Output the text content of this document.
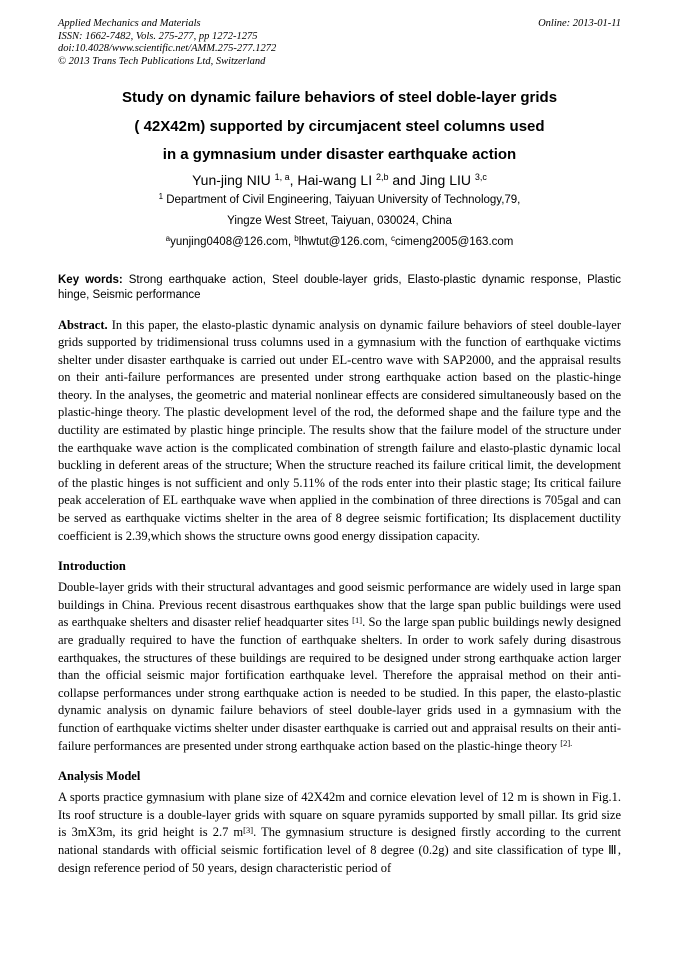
Applied Mechanics and Materials	Online: 2013-01-11
ISSN: 1662-7482, Vols. 275-277, pp 1272-1275
doi:10.4028/www.scientific.net/AMM.275-277.1272
© 2013 Trans Tech Publications Ltd, Switzerland
Study on dynamic failure behaviors of steel doble-layer grids
( 42X42m) supported by circumjacent steel columns used
in a gymnasium under disaster earthquake action
Yun-jing NIU $^{1, a}$, Hai-wang LI $^{2,b}$ and Jing LIU $^{3,c}$
$^1$ Department of Civil Engineering, Taiyuan University of Technology,79,
Yingze West Street, Taiyuan, 030024, China
$^a$yunjing0408@126.com, $^b$lhwtut@126.com, $^c$cimeng2005@163.com

Key words: Strong earthquake action, Steel double-layer grids, Elasto-plastic dynamic response, Plastic hinge, Seismic performance

Abstract. In this paper, the elasto-plastic dynamic analysis on dynamic failure behaviors of steel double-layer grids supported by tridimensional truss columns used in a gymnasium with the function of earthquake victims shelter under disaster earthquake is carried out under EL-centro wave with SAP2000, and the appraisal results on their anti-failure performances are presented under strong earthquake action based on the plastic-hinge theory. In the analyses, the geometric and material nonlinear effects are considered simultaneously based on the plastic-hinge theory. The plastic development level of the rod, the deformed shape and the failure type and the ductility are estimated by plastic hinge principle. The results show that the failure model of the structure under the earthquake wave action is the complicated combination of strength failure and elasto-plastic dynamic local buckling in deferent areas of the structure; When the structure reached its failure critical limit, the development of the plastic hinges is not sufficient and only 5.11% of the rods enter into their plastic stage; Its critical failure peak acceleration of EL earthquake wave when applied in the combination of three directions is 705gal and can be served as earthquake victims shelter in the area of 8 degree seismic fortification; Its displacement ductility coefficient is 2.39,which shows the structure owns good energy dissipation capacity.

Introduction

Double-layer grids with their structural advantages and good seismic performance are widely used in large span buildings in China. Previous recent disastrous earthquakes show that the large span public buildings were used as earthquake shelters and disaster relief headquarter sites [1]. So the large span public buildings newly designed are gradually required to have the function of earthquake shelters. In order to work safely during disastrous earthquakes, the structures of these buildings are required to be designed under strong earthquake action larger than the official seismic major fortification earthquake level. Therefore the appraisal method on their anti-collapse performances under strong earthquake action is needed to be studied. In this paper, the elasto-plastic dynamic analysis on dynamic failure behaviors of steel double-layer grids used in a gymnasium with the function of earthquake victims shelter under disaster earthquake is carried out and appraisal results on their anti-failure performances are presented under strong earthquake action based on the plastic-hinge theory $^{[2].}$

Analysis Model

A sports practice gymnasium with plane size of 42X42m and cornice elevation level of 12 m is shown in Fig.1. Its roof structure is a double-layer grids with square on square pyramids supported by small pillar. Its grid size is 3mX3m, its grid height is 2.7 m[3]. The gymnasium structure is designed firstly according to the current national standards with official seismic fortification level of 8 degree (0.2g) and site classification of type Ⅲ, design reference period of 50 years, design characteristic period of
